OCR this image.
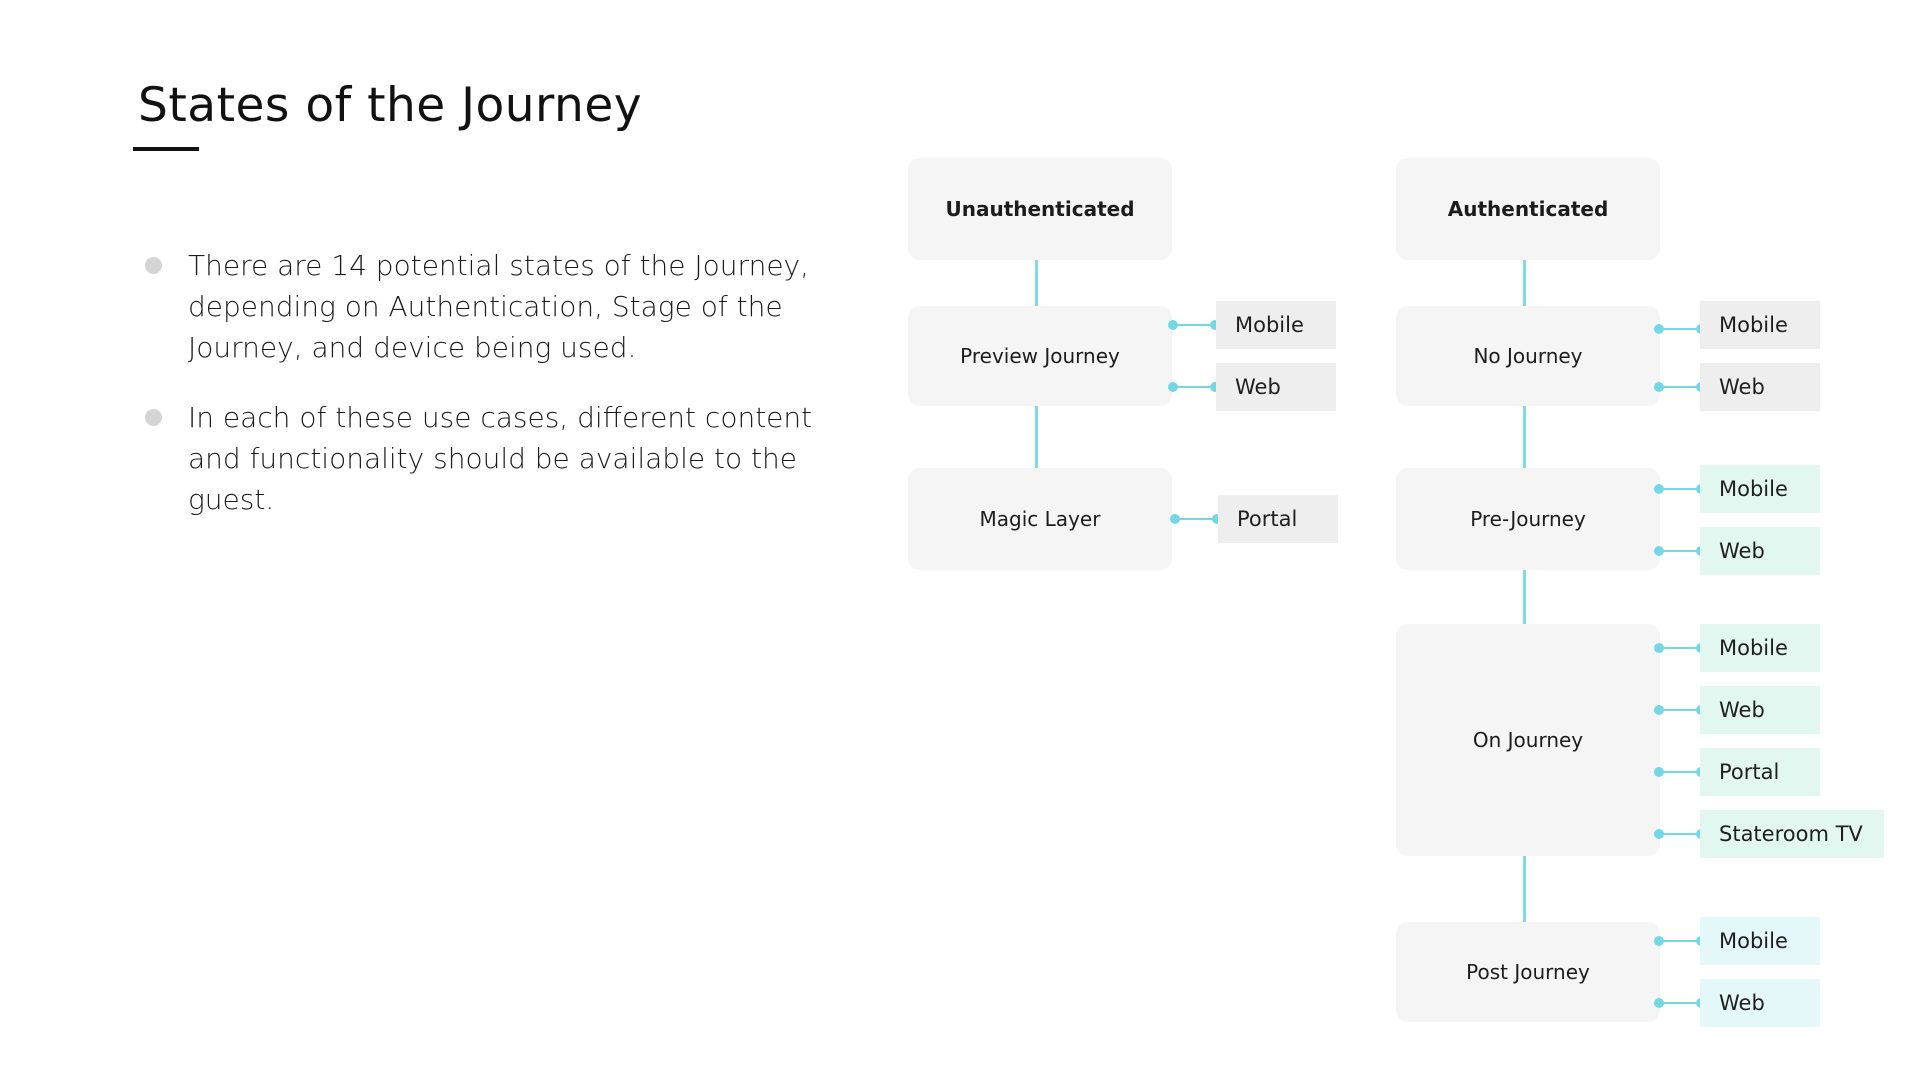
States of the Journey
There are 14 potential states of the Journey, depending on Authentication, Stage of the Journey, and device being used.
In each of these use cases, different content and functionality should be available to the guest.
Unauthenticated
Preview Journey
Magic Layer
Mobile
Web
Portal
Authenticated
No Journey
Pre-Journey
On Journey
Post Journey
Mobile
Web
Mobile
Web
Mobile
Web
Portal
Stateroom TV
Mobile
Web
